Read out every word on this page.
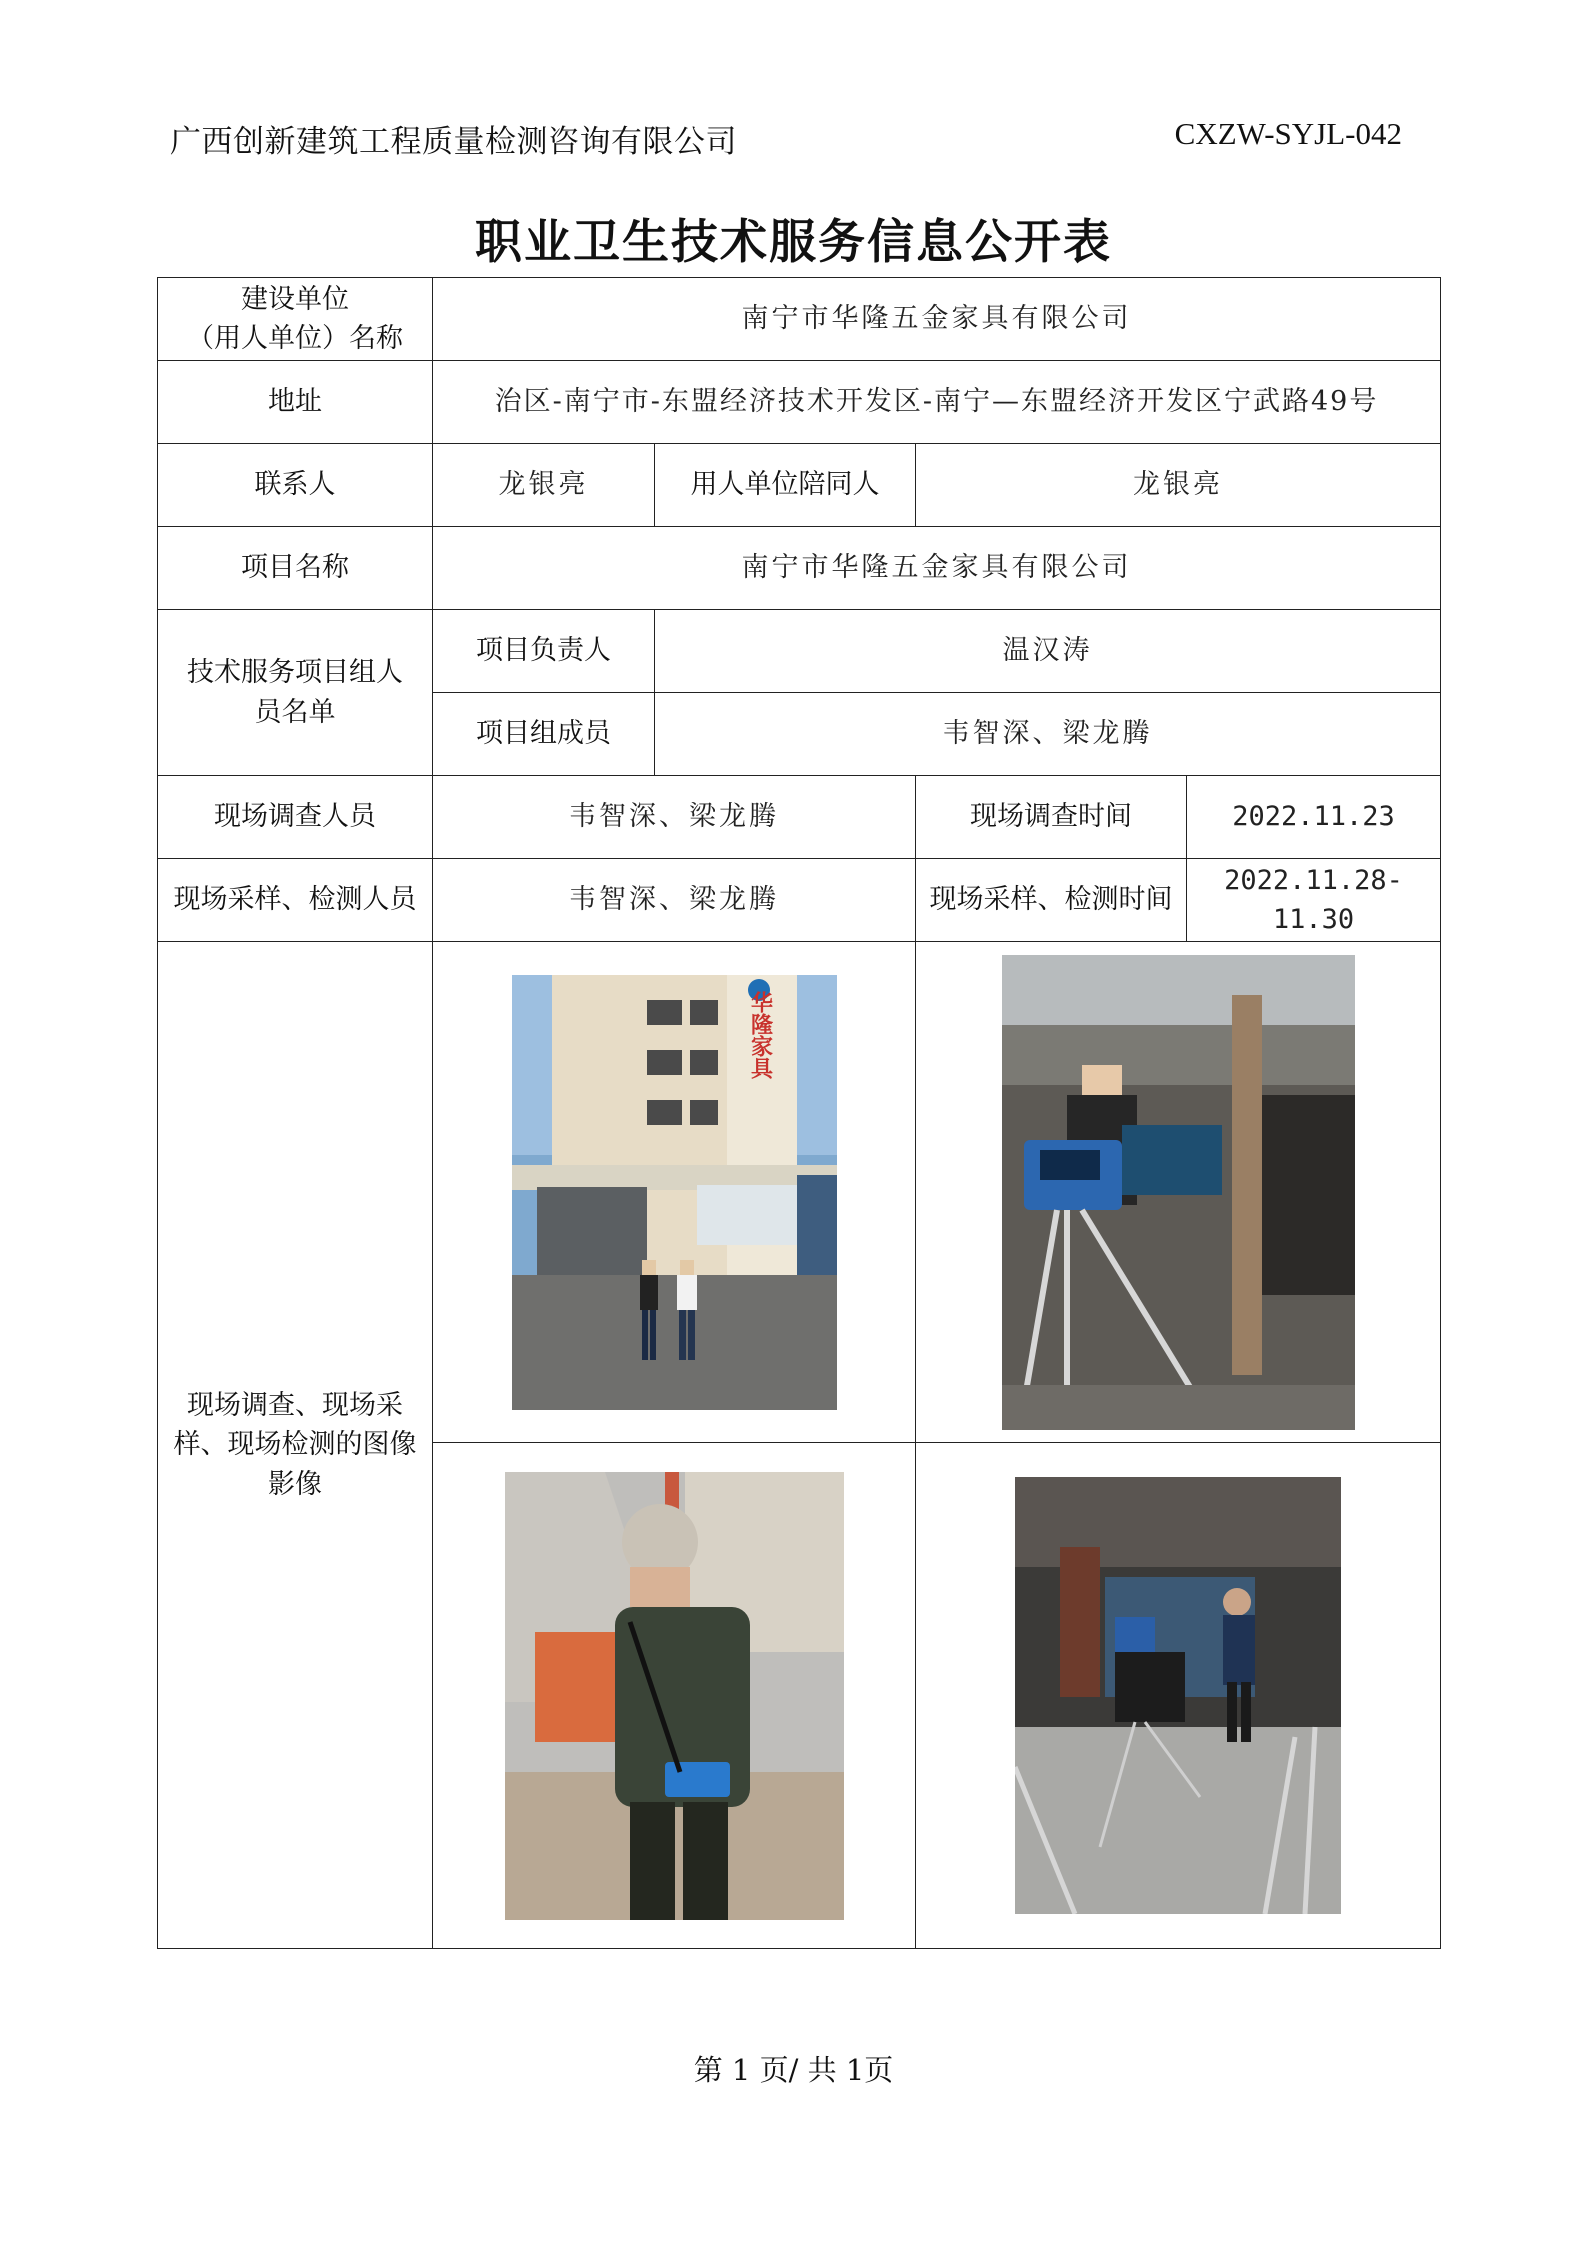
广西创新建筑工程质量检测咨询有限公司	CXZW-SYJL-042
职业卫生技术服务信息公开表
建设单位
（用人单位）名称	南宁市华隆五金家具有限公司			
地址	治区-南宁市-东盟经济技术开发区-南宁—东盟经济开发区宁武路49号			
联系人	龙银亮	用人单位陪同人	龙银亮	
项目名称	南宁市华隆五金家具有限公司			

技术服务项目组人
员名单	项目负责人	温汉涛		
	项目组成员	韦智深、梁龙腾		
现场调查人员	韦智深、梁龙腾		现场调查时间	2022.11.23
现场采样、检测人员	韦智深、梁龙腾		现场采样、检测时间	2022.11.28-11.30

现场调查、现场采
样、现场检测的图像
影像	华隆家具

第 1 页/ 共 1页
